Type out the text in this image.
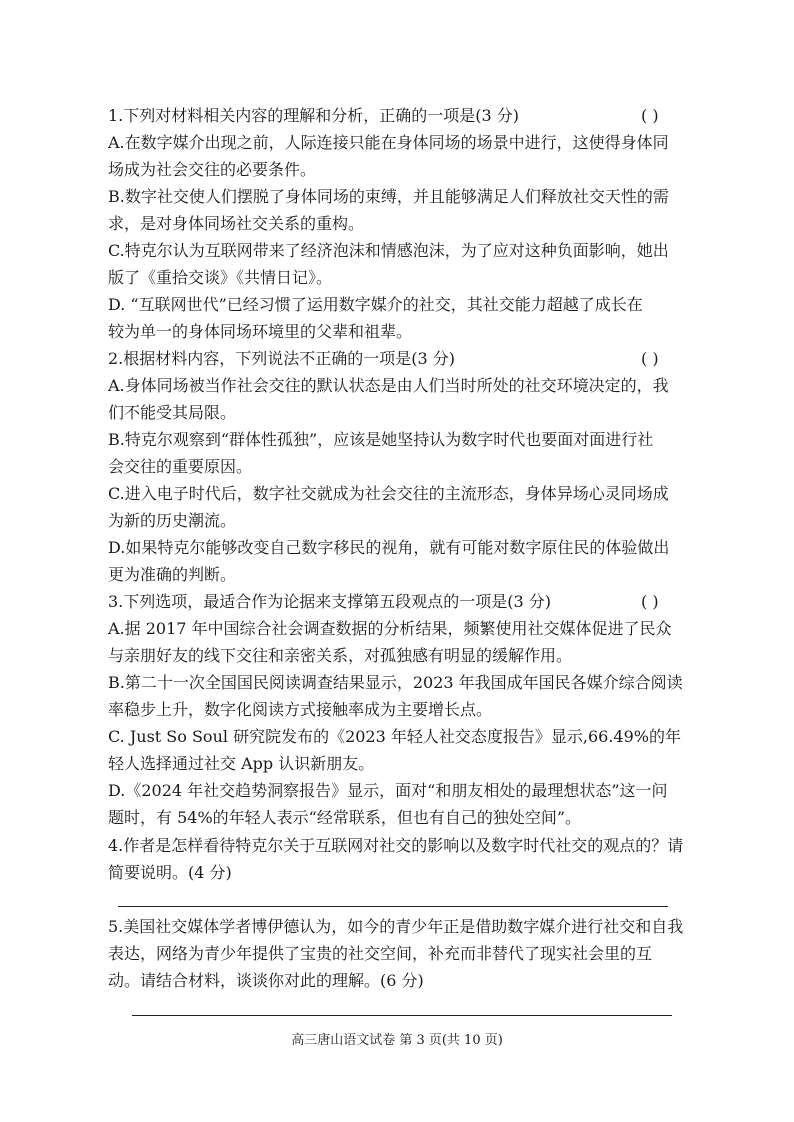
1.下列对材料相关内容的理解和分析，正确的一项是(3 分)	( )
A.在数字媒介出现之前，人际连接只能在身体同场的场景中进行，这使得身体同
场成为社会交往的必要条件。
B.数字社交使人们摆脱了身体同场的束缚，并且能够满足人们释放社交天性的需
求，是对身体同场社交关系的重构。
C.特克尔认为互联网带来了经济泡沫和情感泡沫，为了应对这种负面影响，她出
版了《重拾交谈》《共情日记》。
D. “互联网世代”已经习惯了运用数字媒介的社交，其社交能力超越了成长在
较为单一的身体同场环境里的父辈和祖辈。
2.根据材料内容，下列说法不正确的一项是(3 分)	( )
A.身体同场被当作社会交往的默认状态是由人们当时所处的社交环境决定的，我
们不能受其局限。
B.特克尔观察到“群体性孤独”，应该是她坚持认为数字时代也要面对面进行社
会交往的重要原因。
C.进入电子时代后，数字社交就成为社会交往的主流形态，身体异场心灵同场成
为新的历史潮流。
D.如果特克尔能够改变自己数字移民的视角，就有可能对数字原住民的体验做出
更为准确的判断。
3.下列选项，最适合作为论据来支撑第五段观点的一项是(3 分)	( )
A.据 2017 年中国综合社会调查数据的分析结果，频繁使用社交媒体促进了民众
与亲朋好友的线下交往和亲密关系，对孤独感有明显的缓解作用。
B.第二十一次全国国民阅读调查结果显示，2023 年我国成年国民各媒介综合阅读
率稳步上升，数字化阅读方式接触率成为主要增长点。
C. Just So Soul 研究院发布的《2023 年轻人社交态度报告》显示,66.49%的年
轻人选择通过社交 App 认识新朋友。
D.《2024 年社交趋势洞察报告》显示，面对“和朋友相处的最理想状态”这一问
题时，有 54%的年轻人表示“经常联系，但也有自己的独处空间”。
4.作者是怎样看待特克尔关于互联网对社交的影响以及数字时代社交的观点的？请
简要说明。(4 分)
5.美国社交媒体学者博伊德认为，如今的青少年正是借助数字媒介进行社交和自我
表达，网络为青少年提供了宝贵的社交空间，补充而非替代了现实社会里的互
动。请结合材料，谈谈你对此的理解。(6 分)
高三唐山语文试卷 第 3 页(共 10 页)
